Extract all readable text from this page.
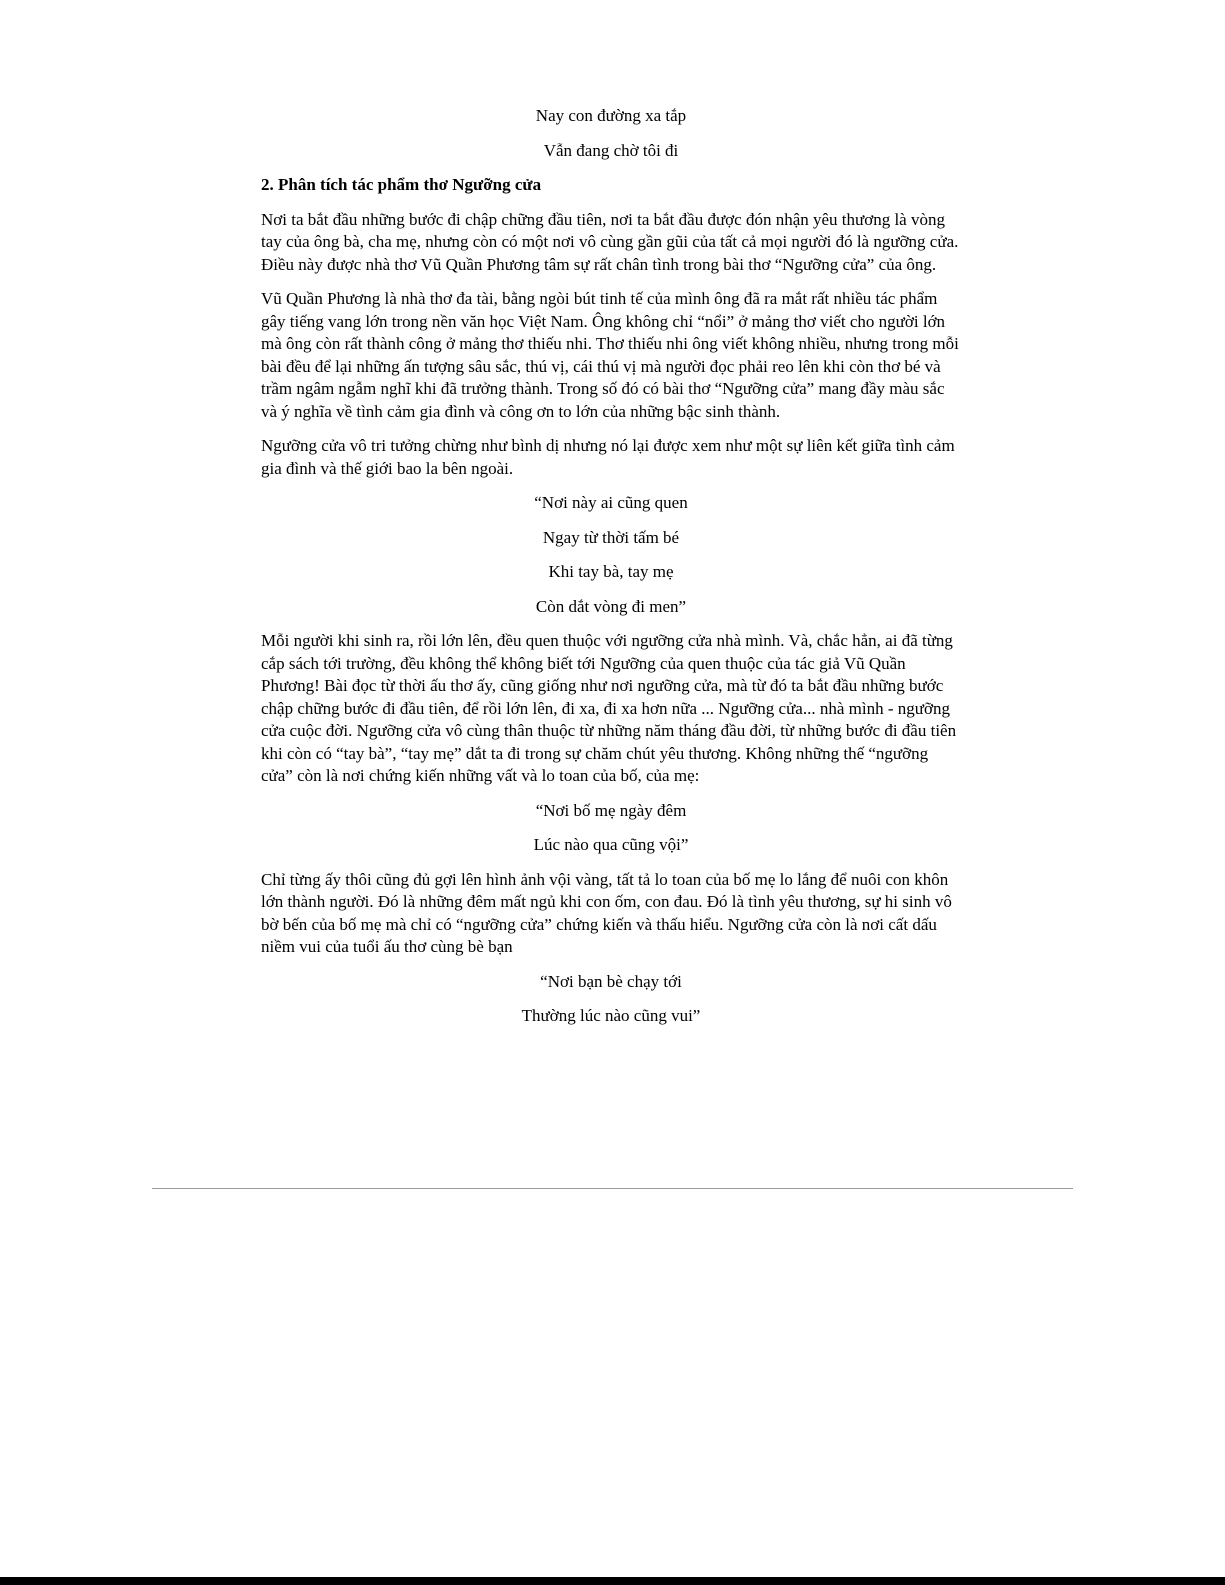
Nay con đường xa tắp

Vẫn đang chờ tôi đi

2. Phân tích tác phẩm thơ Ngưỡng cửa

Nơi ta bắt đầu những bước đi chập chững đầu tiên, nơi ta bắt đầu được đón nhận yêu thương là vòng tay của ông bà, cha mẹ, nhưng còn có một nơi vô cùng gần gũi của tất cả mọi người đó là ngưỡng cửa. Điều này được nhà thơ Vũ Quần Phương tâm sự rất chân tình trong bài thơ “Ngưỡng cửa” của ông.

Vũ Quần Phương là nhà thơ đa tài, bằng ngòi bút tinh tế của mình ông đã ra mắt rất nhiều tác phẩm gây tiếng vang lớn trong nền văn học Việt Nam. Ông không chỉ “nổi” ở mảng thơ viết cho người lớn mà ông còn rất thành công ở mảng thơ thiếu nhi. Thơ thiếu nhi ông viết không nhiều, nhưng trong mỗi bài đều để lại những ấn tượng sâu sắc, thú vị, cái thú vị mà người đọc phải reo lên khi còn thơ bé và trầm ngâm ngẫm nghĩ khi đã trưởng thành. Trong số đó có bài thơ “Ngưỡng cửa” mang đầy màu sắc và ý nghĩa về tình cảm gia đình và công ơn to lớn của những bậc sinh thành.

Ngưỡng cửa vô tri tưởng chừng như bình dị nhưng nó lại được xem như một sự liên kết giữa tình cảm gia đình và thế giới bao la bên ngoài.

“Nơi này ai cũng quen

Ngay từ thời tấm bé

Khi tay bà, tay mẹ

Còn dắt vòng đi men”

Mỗi người khi sinh ra, rồi lớn lên, đều quen thuộc với ngưỡng cửa nhà mình. Và, chắc hẳn, ai đã từng cắp sách tới trường, đều không thể không biết tới Ngưỡng của quen thuộc của tác giả Vũ Quần Phương! Bài đọc từ thời ấu thơ ấy, cũng giống như nơi ngưỡng cửa, mà từ đó ta bắt đầu những bước chập chững bước đi đầu tiên, để rồi lớn lên, đi xa, đi xa hơn nữa ... Ngưỡng cửa... nhà mình - ngưỡng cửa cuộc đời. Ngưỡng cửa vô cùng thân thuộc từ những năm tháng đầu đời, từ những bước đi đầu tiên khi còn có “tay bà”, “tay mẹ” dắt ta đi trong sự chăm chút yêu thương. Không những thế “ngưỡng cửa” còn là nơi chứng kiến những vất và lo toan của bố, của mẹ:

“Nơi bố mẹ ngày đêm

Lúc nào qua cũng vội”

Chỉ từng ấy thôi cũng đủ gợi lên hình ảnh vội vàng, tất tả lo toan của bố mẹ lo lắng để nuôi con khôn lớn thành người. Đó là những đêm mất ngủ khi con ốm, con đau. Đó là tình yêu thương, sự hi sinh vô bờ bến của bố mẹ mà chỉ có “ngưỡng cửa” chứng kiến và thấu hiểu. Ngưỡng cửa còn là nơi cất dấu niềm vui của tuổi ấu thơ cùng bè bạn

“Nơi bạn bè chạy tới

Thường lúc nào cũng vui”
